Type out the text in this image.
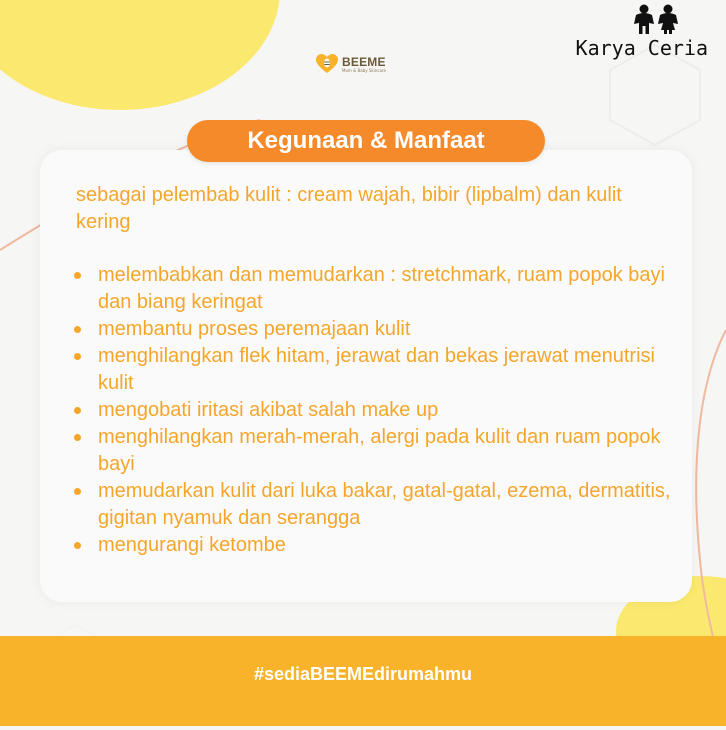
BEEME
Mom & Baby Skincare
Karya Ceria
Kegunaan & Manfaat
sebagai pelembab kulit : cream wajah, bibir (lipbalm) dan kulit kering
melembabkan dan memudarkan : stretchmark, ruam popok bayi dan biang keringat
membantu proses peremajaan kulit
menghilangkan flek hitam, jerawat dan bekas jerawat menutrisi kulit
mengobati iritasi akibat salah make up
menghilangkan merah-merah, alergi pada kulit dan ruam popok bayi
memudarkan kulit dari luka bakar, gatal-gatal, ezema, dermatitis, gigitan nyamuk dan serangga
mengurangi ketombe
#sediaBEEMEdirumahmu
